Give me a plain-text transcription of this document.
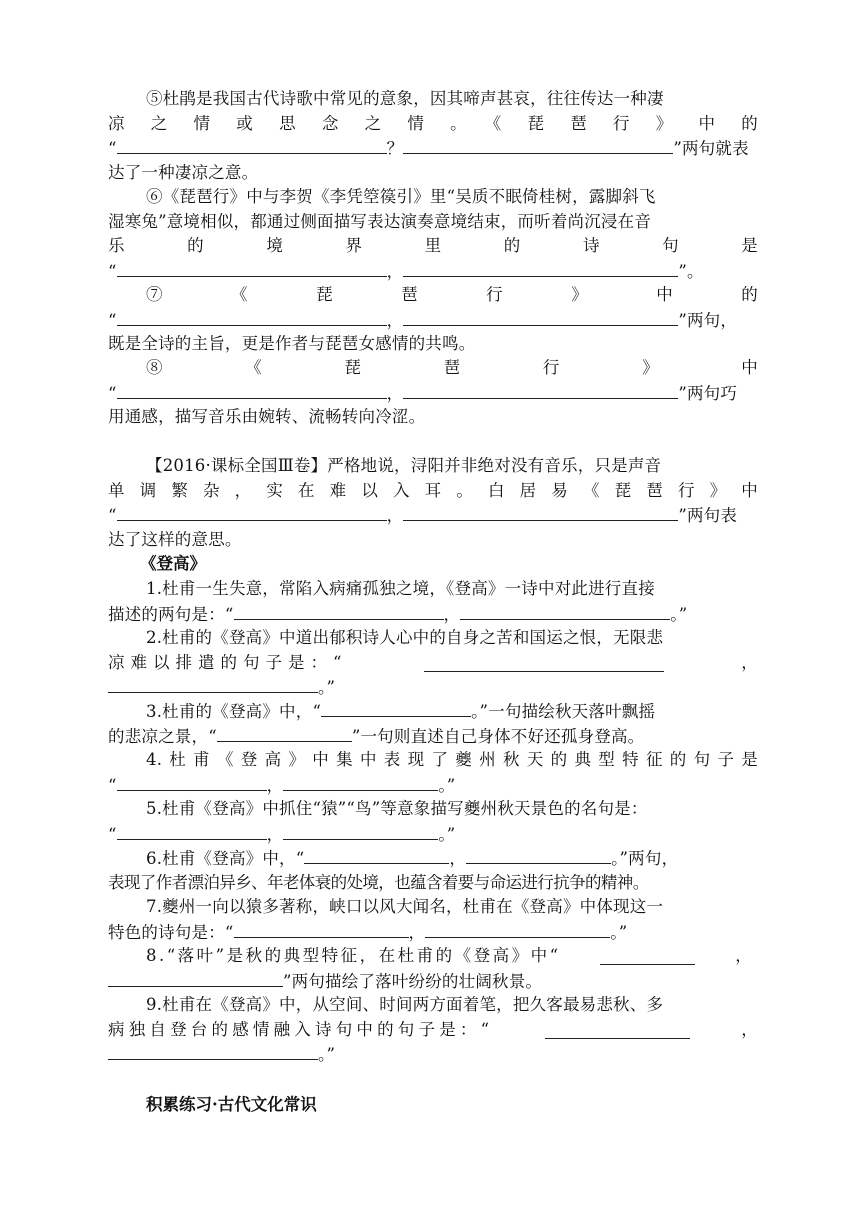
⑤杜鹃是我国古代诗歌中常见的意象，因其啼声甚哀，往往传达一种凄
凉之情或思念之情。《琵琶行》中的
“	？	”两句就表
达了一种凄凉之意。
⑥《琵琶行》中与李贺《李凭箜篌引》里“吴质不眠倚桂树，露脚斜飞
湿寒兔”意境相似，都通过侧面描写表达演奏意境结束，而听着尚沉浸在音
乐的境界里的诗句是
“	，	”。
⑦《琵琶行》中的
“	，	”两句，
既是全诗的主旨，更是作者与琵琶女感情的共鸣。
⑧《琵琶行》中
“	，	”两句巧
用通感，描写音乐由婉转、流畅转向冷涩。
【2016·课标全国Ⅲ卷】严格地说，浔阳并非绝对没有音乐，只是声音
单调繁杂，实在难以入耳。白居易《琵琶行》中
“	，	”两句表
达了这样的意思。
《登高》
1.杜甫一生失意，常陷入病痛孤独之境，《登高》一诗中对此进行直接
描述的两句是：“	，	。”
2.杜甫的《登高》中道出郁积诗人心中的自身之苦和国运之恨，无限悲
凉难以排遣的句子是：“	，
。”
3.杜甫的《登高》中，“	。”一句描绘秋天落叶飘摇
的悲凉之景，“	”一句则直述自己身体不好还孤身登高。
4.杜甫《登高》中集中表现了夔州秋天的典型特征的句子是
“	，	。”
5.杜甫《登高》中抓住“猿”“鸟”等意象描写夔州秋天景色的名句是：
“	，	。”
6.杜甫《登高》中，“	，	。”两句，
表现了作者漂泊异乡、年老体衰的处境，也蕴含着要与命运进行抗争的精神。
7.夔州一向以猿多著称，峡口以风大闻名，杜甫在《登高》中体现这一
特色的诗句是：“	，	。”
8.“落叶”是秋的典型特征，在杜甫的《登高》中“	，
”两句描绘了落叶纷纷的壮阔秋景。
9.杜甫在《登高》中，从空间、时间两方面着笔，把久客最易悲秋、多
病独自登台的感情融入诗句中的句子是：“	，
。”
积累练习·古代文化常识
